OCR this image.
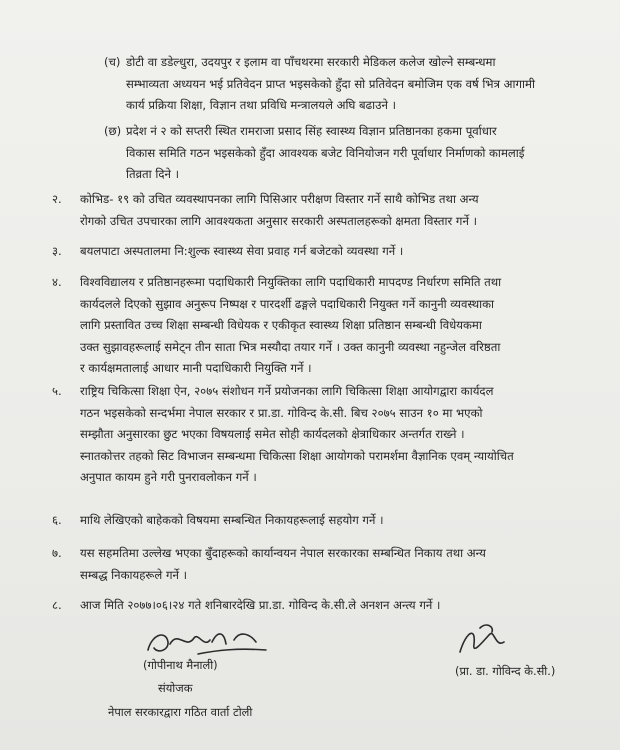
(च) डोटी वा डडेल्धुरा, उदयपुर र इलाम वा पाँचथरमा सरकारी मेडिकल कलेज खोल्ने सम्बन्धमा
सम्भाव्यता अध्ययन भई प्रतिवेदन प्राप्त भइसकेको हुँदा सो प्रतिवेदन बमोजिम एक वर्ष भित्र आगामी
कार्य प्रक्रिया शिक्षा, विज्ञान तथा प्रविधि मन्त्रालयले अघि बढाउने ।
(छ) प्रदेश नं २ को सप्तरी स्थित रामराजा प्रसाद सिंह स्वास्थ्य विज्ञान प्रतिष्ठानका हकमा पूर्वाधार
विकास समिति गठन भइसकेको हुँदा आवश्यक बजेट विनियोजन गरी पूर्वाधार निर्माणको कामलाई
तिव्रता दिने ।
२.	कोभिड- १९ को उचित व्यवस्थापनका लागि पिसिआर परीक्षण विस्तार गर्ने साथै कोभिड तथा अन्य
रोगको उचित उपचारका लागि आवश्यकता अनुसार सरकारी अस्पतालहरूको क्षमता विस्तार गर्ने ।
३.	बयलपाटा अस्पतालमा नि:शुल्क स्वास्थ्य सेवा प्रवाह गर्न बजेटको व्यवस्था गर्ने ।
४.	विश्वविद्यालय र प्रतिष्ठानहरूमा पदाधिकारी नियुक्तिका लागि पदाधिकारी मापदण्ड निर्धारण समिति तथा
कार्यदलले दिएको सुझाव अनुरूप निष्पक्ष र पारदर्शी ढङ्गले पदाधिकारी नियुक्त गर्ने कानुनी व्यवस्थाका
लागि प्रस्तावित उच्च शिक्षा सम्बन्धी विधेयक र एकीकृत स्वास्थ्य शिक्षा प्रतिष्ठान सम्बन्धी विधेयकमा
उक्त सुझावहरूलाई समेट्न तीन साता भित्र मस्यौदा तयार गर्ने । उक्त कानुनी व्यवस्था नहुन्जेल वरिष्ठता
र कार्यक्षमतालाई आधार मानी पदाधिकारी नियुक्ति गर्ने ।
५.	राष्ट्रिय चिकित्सा शिक्षा ऐन, २०७५ संशोधन गर्ने प्रयोजनका लागि चिकित्सा शिक्षा आयोगद्वारा कार्यदल
गठन भइसकेको सन्दर्भमा नेपाल सरकार र प्रा.डा. गोविन्द के.सी. बिच २०७५ साउन १० मा भएको
सम्झौता अनुसारका छुट भएका विषयलाई समेत सोही कार्यदलको क्षेत्राधिकार अन्तर्गत राख्ने ।
स्नातकोत्तर तहको सिट विभाजन सम्बन्धमा चिकित्सा शिक्षा आयोगको परामर्शमा वैज्ञानिक एवम् न्यायोचित
अनुपात कायम हुने गरी पुनरावलोकन गर्ने ।
६.	माथि लेखिएको बाहेकको विषयमा सम्बन्धित निकायहरूलाई सहयोग गर्ने ।
७.	यस सहमतिमा उल्लेख भएका बुँदाहरूको कार्यान्वयन नेपाल सरकारका सम्बन्धित निकाय तथा अन्य
सम्बद्ध निकायहरूले गर्ने ।
८.	आज मिति २०७७।०६।२४ गते शनिबारदेखि प्रा.डा. गोविन्द के.सी.ले अनशन अन्त्य गर्ने ।
(गोपीनाथ मैनाली)
संयोजक
नेपाल सरकारद्वारा गठित वार्ता टोली
(प्रा. डा. गोविन्द के.सी.)
